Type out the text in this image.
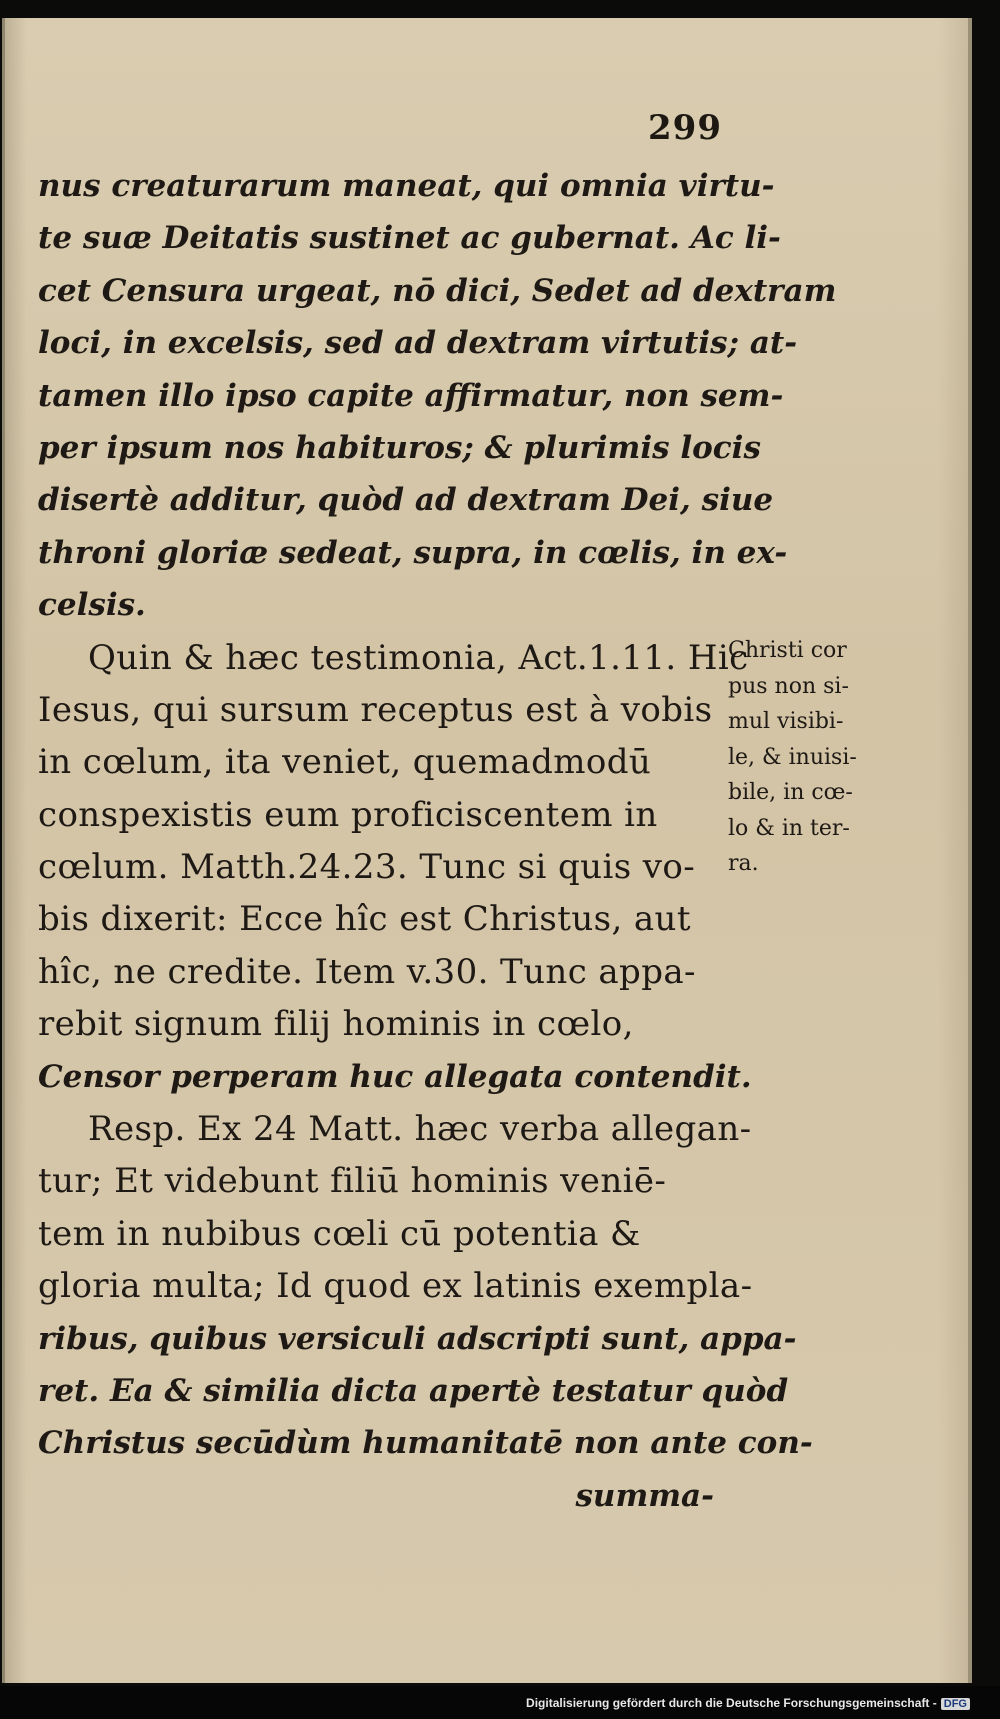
299
nus creaturarum maneat, qui omnia virtu-
te suæ Deitatis sustinet ac gubernat. Ac li-
cet Censura urgeat, nō dici, Sedet ad dextram
loci, in excelsis, sed ad dextram virtutis; at-
tamen illo ipso capite affirmatur, non sem-
per ipsum nos habituros; & plurimis locis
disertè additur, quòd ad dextram Dei, siue
throni gloriæ sedeat, supra, in cœlis, in ex-
celsis.
Quin & hæc testimonia, Act.1.11. Hic
Iesus, qui sursum receptus est à vobis
in cœlum, ita veniet, quemadmodū
conspexistis eum proficiscentem in
cœlum. Matth.24.23. Tunc si quis vo-
bis dixerit: Ecce hîc est Christus, aut
hîc, ne credite. Item v.30. Tunc appa-
rebit signum filij hominis in cœlo,
Censor perperam huc allegata contendit.
Resp. Ex 24 Matt. hæc verba allegan-
tur; Et videbunt filiū hominis veniē-
tem in nubibus cœli cū potentia &
gloria multa; Id quod ex latinis exempla-
ribus, quibus versiculi adscripti sunt, appa-
ret. Ea & similia dicta apertè testatur quòd
Christus secūdùm humanitatē non ante con-
summa-
Christi cor
pus non si-
mul visibi-
le, & inuisi-
bile, in cœ-
lo & in ter-
ra.
Digitalisierung gefördert durch die Deutsche Forschungsgemeinschaft - DFG
